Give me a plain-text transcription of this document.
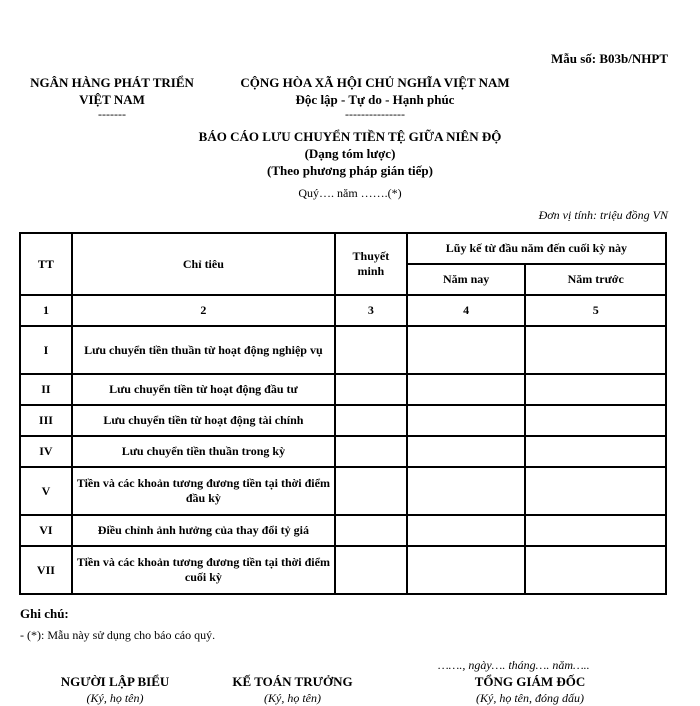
Mẫu số: B03b/NHPT
NGÂN HÀNG PHÁT TRIỂN
VIỆT NAM
-------
CỘNG HÒA XÃ HỘI CHỦ NGHĨA VIỆT NAM
Độc lập - Tự do - Hạnh phúc
---------------
BÁO CÁO LƯU CHUYỂN TIỀN TỆ GIỮA NIÊN ĐỘ
(Dạng tóm lược)
(Theo phương pháp gián tiếp)
Quý…. năm …….(*)
Đơn vị tính: triệu đồng VN
TT	Chỉ tiêu	Thuyết minh	Lũy kế từ đầu năm đến cuối kỳ này	
			Năm nay	Năm trước
1	2	3	4	5
I	Lưu chuyển tiền thuần từ hoạt động nghiệp vụ			
II	Lưu chuyển tiền từ hoạt động đầu tư			
III	Lưu chuyển tiền từ hoạt động tài chính			
IV	Lưu chuyển tiền thuần trong kỳ			
V	Tiền và các khoản tương đương tiền tại thời điểm đầu kỳ			
VI	Điều chỉnh ảnh hưởng của thay đổi tỷ giá			
VII	Tiền và các khoản tương đương tiền tại thời điểm cuối kỳ			
Ghi chú:
- (*): Mẫu này sử dụng cho báo cáo quý.
……., ngày…. tháng…. năm…..
NGƯỜI LẬP BIỂU
(Ký, họ tên)
KẾ TOÁN TRƯỞNG
(Ký, họ tên)
TỔNG GIÁM ĐỐC
(Ký, họ tên, đóng dấu)
